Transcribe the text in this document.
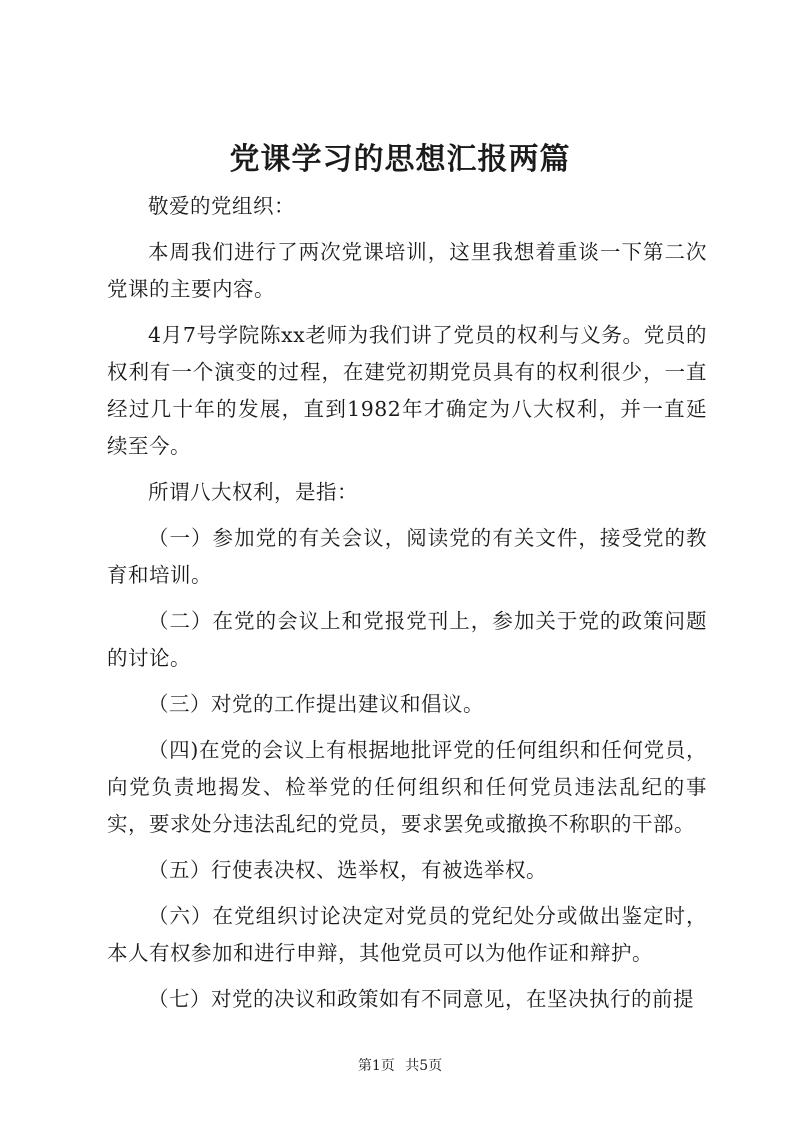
党课学习的思想汇报两篇

敬爱的党组织：

本周我们进行了两次党课培训，这里我想着重谈一下第二次党课的主要内容。

4月7号学院陈xx老师为我们讲了党员的权利与义务。党员的权利有一个演变的过程，在建党初期党员具有的权利很少，一直经过几十年的发展，直到1982年才确定为八大权利，并一直延续至今。

所谓八大权利，是指：

（一）参加党的有关会议，阅读党的有关文件，接受党的教育和培训。

（二）在党的会议上和党报党刊上，参加关于党的政策问题的讨论。

（三）对党的工作提出建议和倡议。

（四)在党的会议上有根据地批评党的任何组织和任何党员，向党负责地揭发、检举党的任何组织和任何党员违法乱纪的事实，要求处分违法乱纪的党员，要求罢免或撤换不称职的干部。

（五）行使表决权、选举权，有被选举权。

（六）在党组织讨论决定对党员的党纪处分或做出鉴定时，本人有权参加和进行申辩，其他党员可以为他作证和辩护。

（七）对党的决议和政策如有不同意见，在坚决执行的前提

第1页 共5页
